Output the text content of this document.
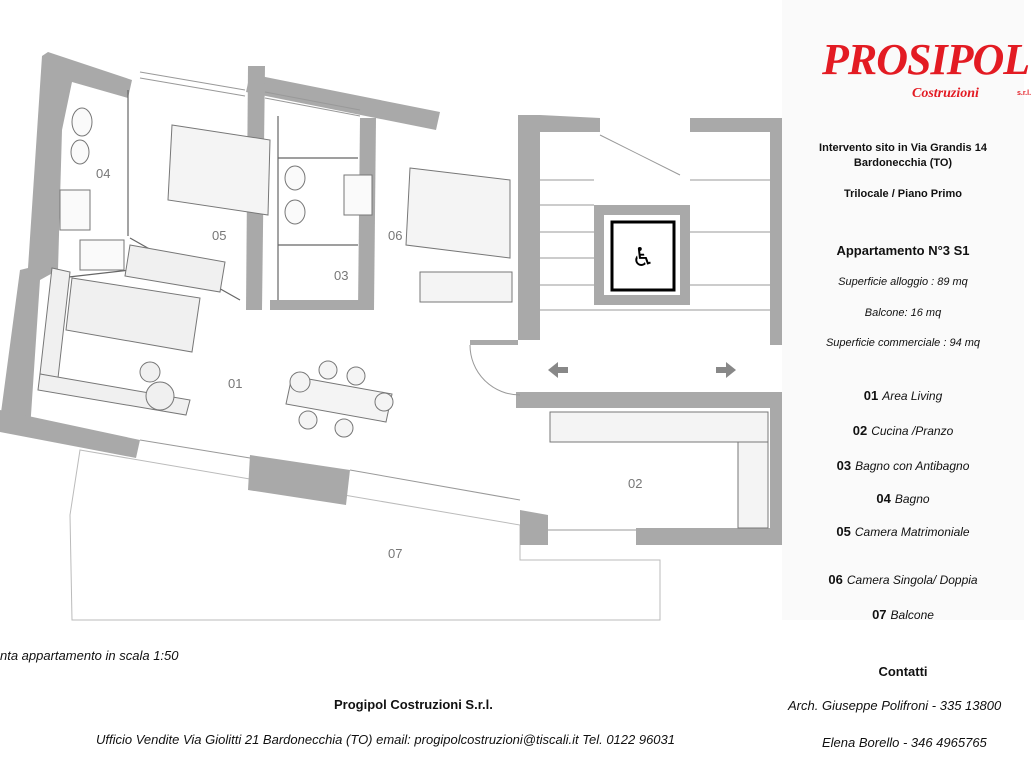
♿
04
05	06
03
01
02
07
nta appartamento in scala 1:50
Progipol Costruzioni S.r.l.
Ufficio Vendite Via Giolitti 21 Bardonecchia (TO) email: progipolcostruzioni@tiscali.it Tel. 0122 96031
PROSIPOL
Costruzioni	s.r.l.
Intervento sito in Via Grandis 14
Bardonecchia (TO)
Trilocale / Piano Primo
Appartamento N°3 S1
Superficie alloggio : 89 mq
Balcone: 16 mq
Superficie commerciale : 94 mq
01 Area Living
02 Cucina /Pranzo
03 Bagno con Antibagno
04 Bagno
05 Camera Matrimoniale
06 Camera Singola/ Doppia
07 Balcone
Contatti
Arch. Giuseppe Polifroni - 335 13800
Elena Borello - 346 4965765
